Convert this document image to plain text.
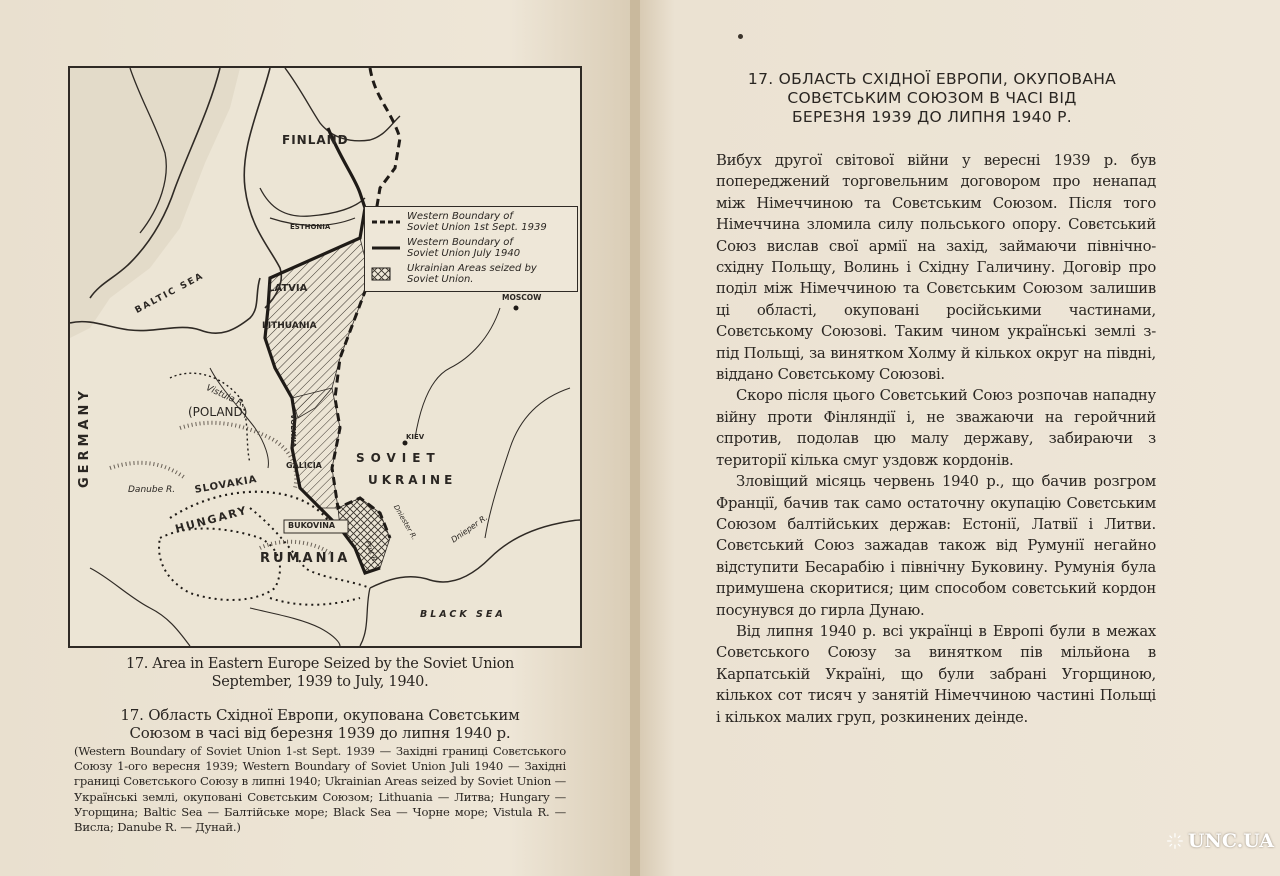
FINLAND
ESTHONIA
LATVIA
LITHUANIA
BALTIC SEA
GERMANY	(POLAND)
Vistula R.
MOSCOW
KIEV
SOVIET
UKRAINE
VOLYNIA
GALICIA
SLOVAKIA
Danube R.
HUNGARY	BUKOVINA
RUMANIA
Dniester R.	Dnieper R.
Prut R.
BLACK SEA
Western Boundary of
Soviet Union 1st Sept. 1939
Western Boundary of
Soviet Union July 1940
Ukrainian Areas seized by
Soviet Union.
17. Area in Eastern Europe Seized by the Soviet Union
September, 1939 to July, 1940.
17. Область Східної Европи, окупована Совєтським
Союзом в часі від березня 1939 до липня 1940 р.
(Western Boundary of Soviet Union 1-st Sept. 1939 — Західні границі Совєтського Союзу 1-ого вересня 1939; Western Boundary of Soviet Union Juli 1940 — Західні границі Совєтського Союзу в липні 1940; Ukrainian Areas seized by Soviet Union — Українські землі, окуповані Совєтським Союзом; Lithuania — Литва; Hungary — Угорщина; Baltic Sea — Балтійське море; Black Sea — Чорне море; Vistula R. — Висла; Danube R. — Дунай.)
17. ОБЛАСТЬ СХІДНОЇ ЕВРОПИ, ОКУПОВАНА
СОВЄТСЬКИМ СОЮЗОМ В ЧАСІ ВІД
БЕРЕЗНЯ 1939 ДО ЛИПНЯ 1940 Р.

Вибух другої світової війни у вересні 1939 р. був попереджений торговельним договором про ненапад між Німеччиною та Совєтським Союзом. Після того Німеччина зломила силу польського опору. Совєтський Союз вислав свої армії на захід, займаючи північно-східну Польщу, Волинь і Східну Галичину. Договір про поділ між Німеччиною та Совєтським Союзом залишив ці області, окуповані російськими частинами, Совєтському Союзові. Таким чином українські землі з-під Польщі, за винятком Холму й кількох округ на півдні, віддано Совєтському Союзові.

Скоро після цього Совєтський Союз розпочав напaдну війну проти Фінляндії і, не зважаючи на геройчний спротив, подолав цю малу державу, забираючи з території кілька смуг уздовж кордонів.

Зловіщий місяць червень 1940 р., що бачив розгром Франції, бачив так само остаточну окупацію Совєтським Союзом балтійських держав: Естонії, Латвії і Литви. Совєтський Союз зажадав також від Румунії негайно відступити Бесарабію і північну Буковину. Румунія була примушена скоритися; цим способом совєтський кордон посунувся до гирла Дунаю.

Від липня 1940 р. всі українці в Европі були в межах Совєтського Союзу за винятком пів мільйона в Карпатській Україні, що були забрані Угорщиною, кількох сот тисяч у занятій Німеччиною частині Польщі і кількох малих груп, розкинених деінде.

UNC.UA
